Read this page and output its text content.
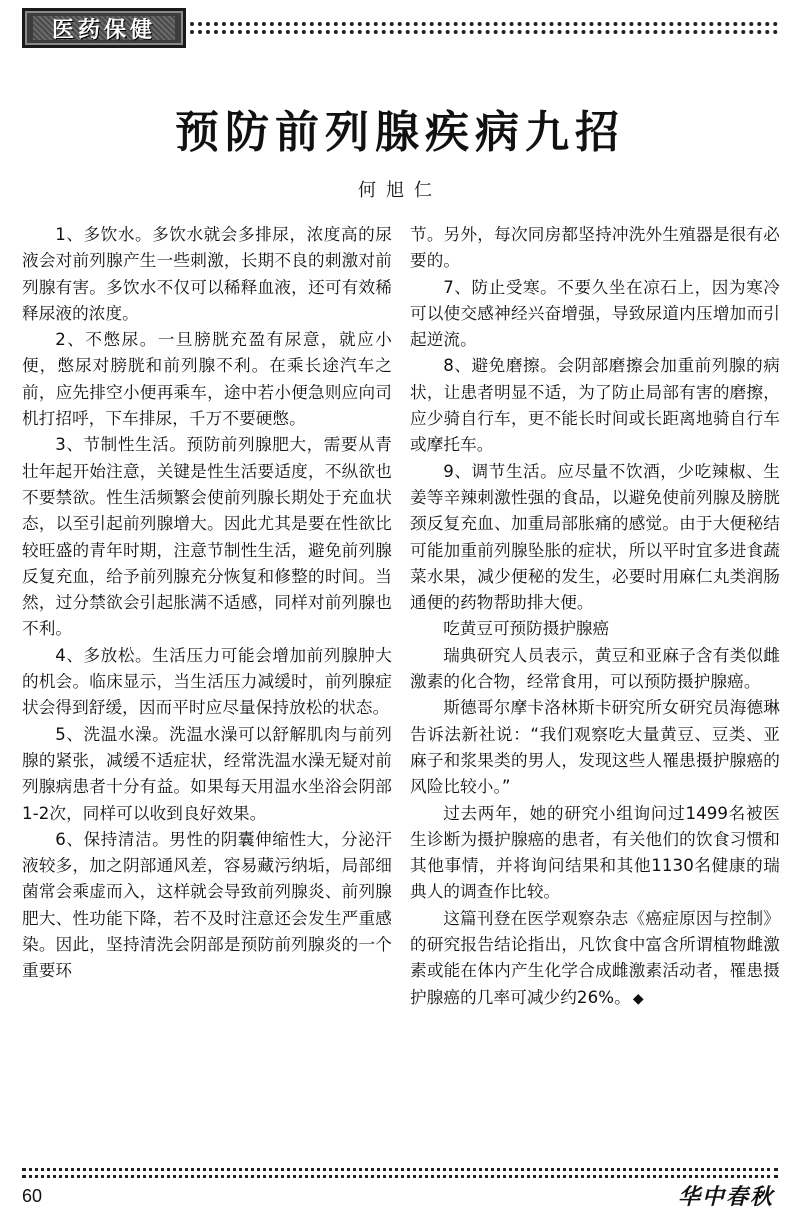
医药保健
预防前列腺疾病九招
何旭仁

1、多饮水。多饮水就会多排尿，浓度高的尿液会对前列腺产生一些刺激，长期不良的刺激对前列腺有害。多饮水不仅可以稀释血液，还可有效稀释尿液的浓度。

2、不憋尿。一旦膀胱充盈有尿意，就应小便，憋尿对膀胱和前列腺不利。在乘长途汽车之前，应先排空小便再乘车，途中若小便急则应向司机打招呼，下车排尿，千万不要硬憋。

3、节制性生活。预防前列腺肥大，需要从青壮年起开始注意，关键是性生活要适度，不纵欲也不要禁欲。性生活频繁会使前列腺长期处于充血状态，以至引起前列腺增大。因此尤其是要在性欲比较旺盛的青年时期，注意节制性生活，避免前列腺反复充血，给予前列腺充分恢复和修整的时间。当然，过分禁欲会引起胀满不适感，同样对前列腺也不利。

4、多放松。生活压力可能会增加前列腺肿大的机会。临床显示，当生活压力减缓时，前列腺症状会得到舒缓，因而平时应尽量保持放松的状态。

5、洗温水澡。洗温水澡可以舒解肌肉与前列腺的紧张，减缓不适症状，经常洗温水澡无疑对前列腺病患者十分有益。如果每天用温水坐浴会阴部1-2次，同样可以收到良好效果。

6、保持清洁。男性的阴囊伸缩性大，分泌汗液较多，加之阴部通风差，容易藏污纳垢，局部细菌常会乘虚而入，这样就会导致前列腺炎、前列腺肥大、性功能下降，若不及时注意还会发生严重感染。因此，坚持清洗会阴部是预防前列腺炎的一个重要环

节。另外，每次同房都坚持冲洗外生殖器是很有必要的。

7、防止受寒。不要久坐在凉石上，因为寒冷可以使交感神经兴奋增强，导致尿道内压增加而引起逆流。

8、避免磨擦。会阴部磨擦会加重前列腺的病状，让患者明显不适，为了防止局部有害的磨擦，应少骑自行车，更不能长时间或长距离地骑自行车或摩托车。

9、调节生活。应尽量不饮酒，少吃辣椒、生姜等辛辣刺激性强的食品，以避免使前列腺及膀胱颈反复充血、加重局部胀痛的感觉。由于大便秘结可能加重前列腺坠胀的症状，所以平时宜多进食蔬菜水果，减少便秘的发生，必要时用麻仁丸类润肠通便的药物帮助排大便。

吃黄豆可预防摄护腺癌

瑞典研究人员表示，黄豆和亚麻子含有类似雌激素的化合物，经常食用，可以预防摄护腺癌。

斯德哥尔摩卡洛林斯卡研究所女研究员海德琳告诉法新社说：“我们观察吃大量黄豆、豆类、亚麻子和浆果类的男人，发现这些人罹患摄护腺癌的风险比较小。”

过去两年，她的研究小组询问过1499名被医生诊断为摄护腺癌的患者，有关他们的饮食习惯和其他事情，并将询问结果和其他1130名健康的瑞典人的调查作比较。

这篇刊登在医学观察杂志《癌症原因与控制》的研究报告结论指出，凡饮食中富含所谓植物雌激素或能在体内产生化学合成雌激素活动者，罹患摄护腺癌的几率可减少约26%。 ◆

60	华中春秋
